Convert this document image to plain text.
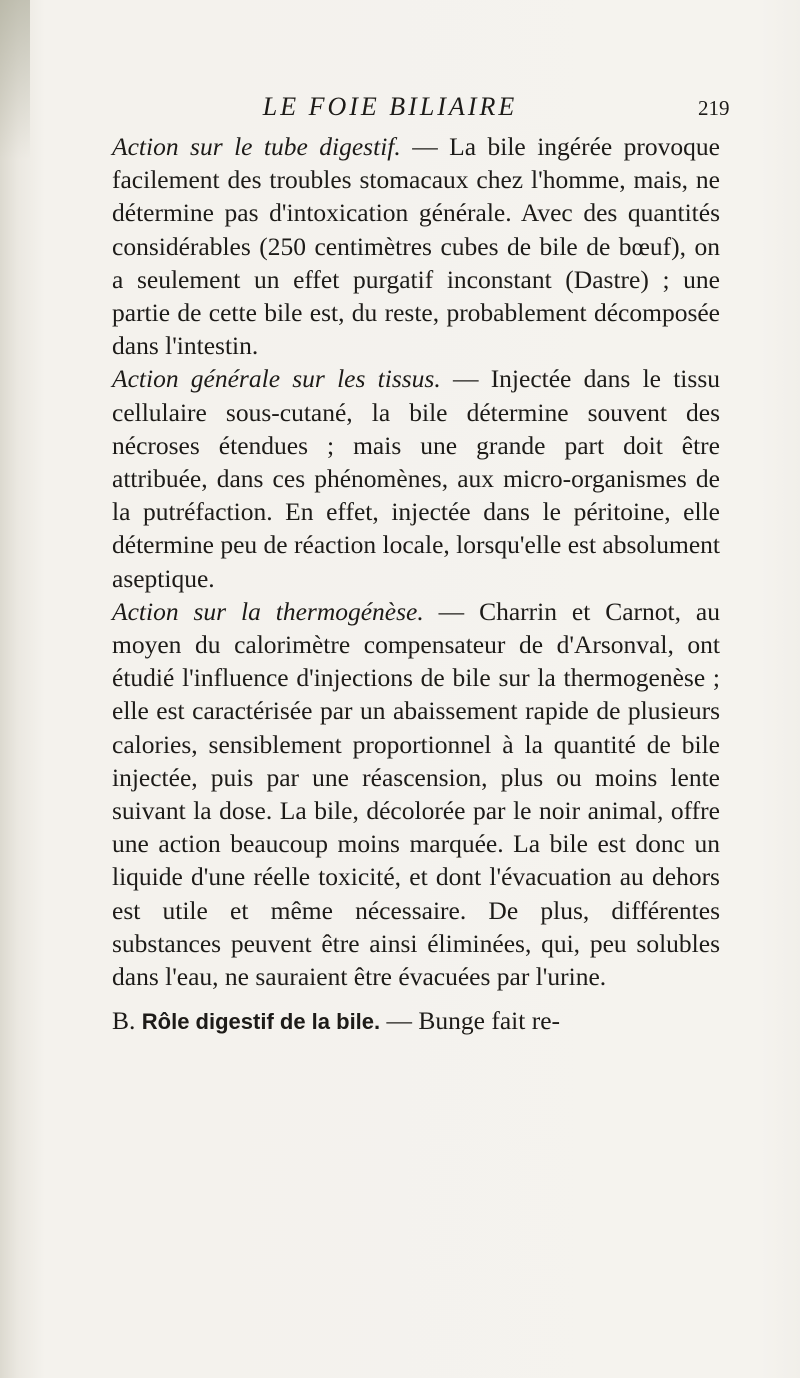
LE FOIE BILIAIRE	219

Action sur le tube digestif. — La bile ingérée provoque facilement des troubles stomacaux chez l'homme, mais, ne détermine pas d'intoxication générale. Avec des quantités considérables (250 centimètres cubes de bile de bœuf), on a seulement un effet purgatif inconstant (Dastre) ; une partie de cette bile est, du reste, probablement décomposée dans l'intestin.

Action générale sur les tissus. — Injectée dans le tissu cellulaire sous-cutané, la bile détermine souvent des nécroses étendues ; mais une grande part doit être attribuée, dans ces phénomènes, aux micro-organismes de la putréfaction. En effet, injectée dans le péritoine, elle détermine peu de réaction locale, lorsqu'elle est absolument aseptique.

Action sur la thermogénèse. — Charrin et Carnot, au moyen du calorimètre compensateur de d'Arsonval, ont étudié l'influence d'injections de bile sur la thermogenèse ; elle est caractérisée par un abaissement rapide de plusieurs calories, sensiblement proportionnel à la quantité de bile injectée, puis par une réascension, plus ou moins lente suivant la dose. La bile, décolorée par le noir animal, offre une action beaucoup moins marquée. La bile est donc un liquide d'une réelle toxicité, et dont l'évacuation au dehors est utile et même nécessaire. De plus, différentes substances peuvent être ainsi éliminées, qui, peu solubles dans l'eau, ne sauraient être évacuées par l'urine.

B. Rôle digestif de la bile. — Bunge fait re-
